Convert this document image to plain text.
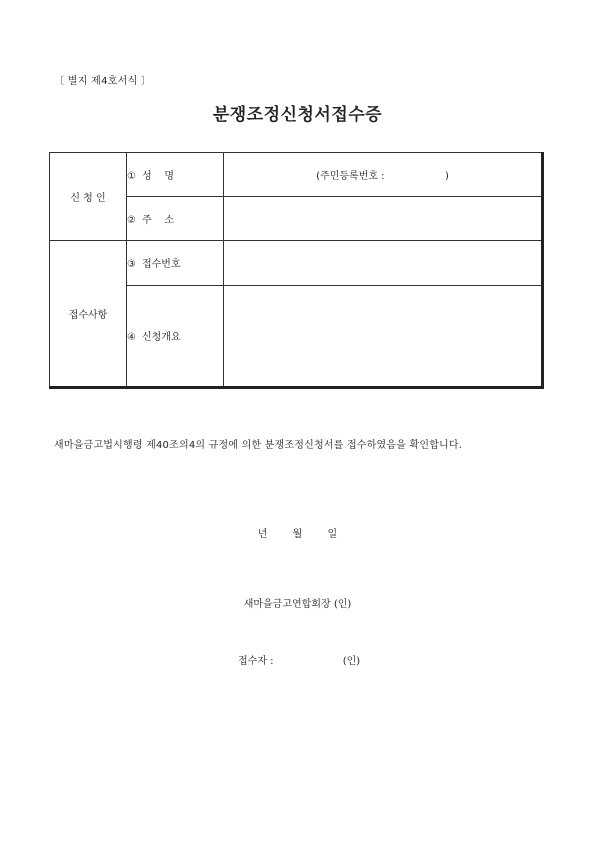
〔 별지 제4호서식 〕
분쟁조정신청서접수증
신 청 인	① 성    명	(주민등록번호 :                   )
	② 주    소	
접수사항	③ 접수번호	
	④ 신청개요	
새마을금고법시행령 제40조의4의 규정에 의한 분쟁조정신청서를 접수하였음을 확인합니다.
년	월	일
새마을금고연합회장 (인)
접수자 :	(인)
